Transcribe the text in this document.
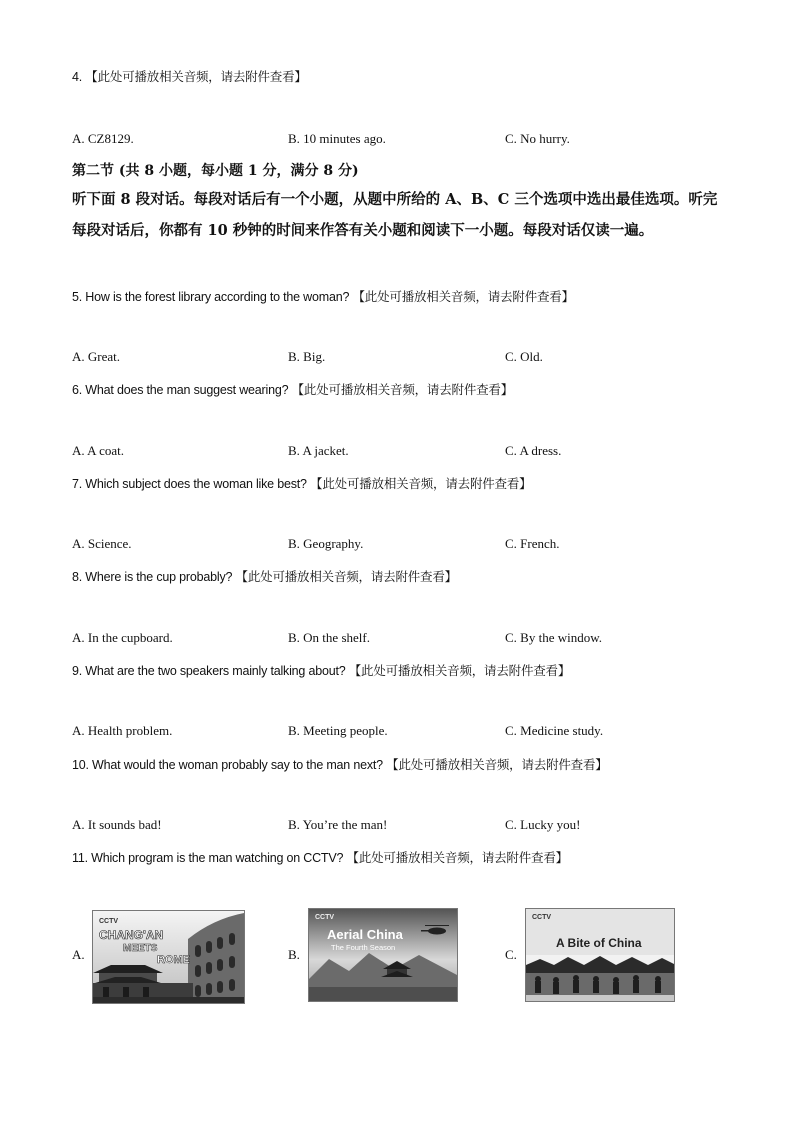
4. 【此处可播放相关音频，请去附件查看】
A. CZ8129.	B. 10 minutes ago.	C. No hurry.
第二节 (共 8 小题，每小题 1 分，满分 8 分)
听下面 8 段对话。每段对话后有一个小题，从题中所给的 A、B、C 三个选项中选出最佳选项。听完每段对话后，你都有 10 秒钟的时间来作答有关小题和阅读下一小题。每段对话仅读一遍。
5. How is the forest library according to the woman? 【此处可播放相关音频，请去附件查看】
A. Great.	B. Big.	C. Old.
6. What does the man suggest wearing? 【此处可播放相关音频，请去附件查看】
A. A coat.	B. A jacket.	C. A dress.
7. Which subject does the woman like best? 【此处可播放相关音频，请去附件查看】
A. Science.	B. Geography.	C. French.
8. Where is the cup probably? 【此处可播放相关音频，请去附件查看】
A. In the cupboard.	B. On the shelf.	C. By the window.
9. What are the two speakers mainly talking about? 【此处可播放相关音频，请去附件查看】
A. Health problem.	B. Meeting people.	C. Medicine study.
10. What would the woman probably say to the man next? 【此处可播放相关音频，请去附件查看】
A. It sounds bad!	B. You’re the man!	C. Lucky you!
11. Which program is the man watching on CCTV? 【此处可播放相关音频，请去附件查看】
A.
CCTV
CHANG'AN
MEETS
ROME	B.
CCTV
Aerial China
The Fourth Season	C.
CCTV
A Bite of China
